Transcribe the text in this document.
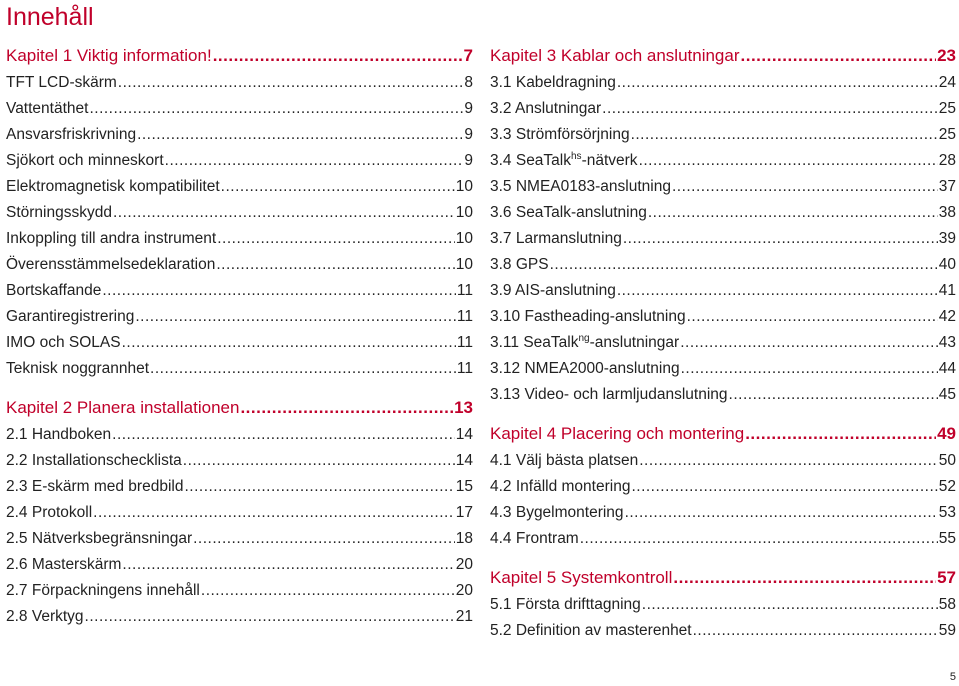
Innehåll
Kapitel 1 Viktig information! .....	7
TFT LCD-skärm .....	8
Vattentäthet .....	9
Ansvarsfriskrivning .....	9
Sjökort och minneskort .....	9
Elektromagnetisk kompatibilitet .....	10
Störningsskydd .....	10
Inkoppling till andra instrument .....	10
Överensstämmelsedeklaration .....	10
Bortskaffande .....	11
Garantiregistrering .....	11
IMO och SOLAS .....	11
Teknisk noggrannhet .....	11
Kapitel 2 Planera installationen .....	13
2.1 Handboken .....	14
2.2 Installationschecklista .....	14
2.3 E-skärm med bredbild .....	15
2.4 Protokoll .....	17
2.5 Nätverksbegränsningar .....	18
2.6 Masterskärm .....	20
2.7 Förpackningens innehåll .....	20
2.8 Verktyg .....	21
Kapitel 3 Kablar och anslutningar .....	23
3.1 Kabeldragning .....	24
3.2 Anslutningar .....	25
3.3 Strömförsörjning .....	25
3.4 SeaTalk$^{hs}$-nätverk .....	28
3.5 NMEA0183-anslutning .....	37
3.6 SeaTalk-anslutning .....	38
3.7 Larmanslutning .....	39
3.8 GPS .....	40
3.9 AIS-anslutning .....	41
3.10 Fastheading-anslutning .....	42
3.11 SeaTalk$^{ng}$-anslutningar .....	43
3.12 NMEA2000-anslutning .....	44
3.13 Video- och larmljudanslutning .....	45
Kapitel 4 Placering och montering .....	49
4.1 Välj bästa platsen .....	50
4.2 Infälld montering .....	52
4.3 Bygelmontering .....	53
4.4 Frontram .....	55
Kapitel 5 Systemkontroll .....	57
5.1 Första drifttagning .....	58
5.2 Definition av masterenhet .....	59
5
